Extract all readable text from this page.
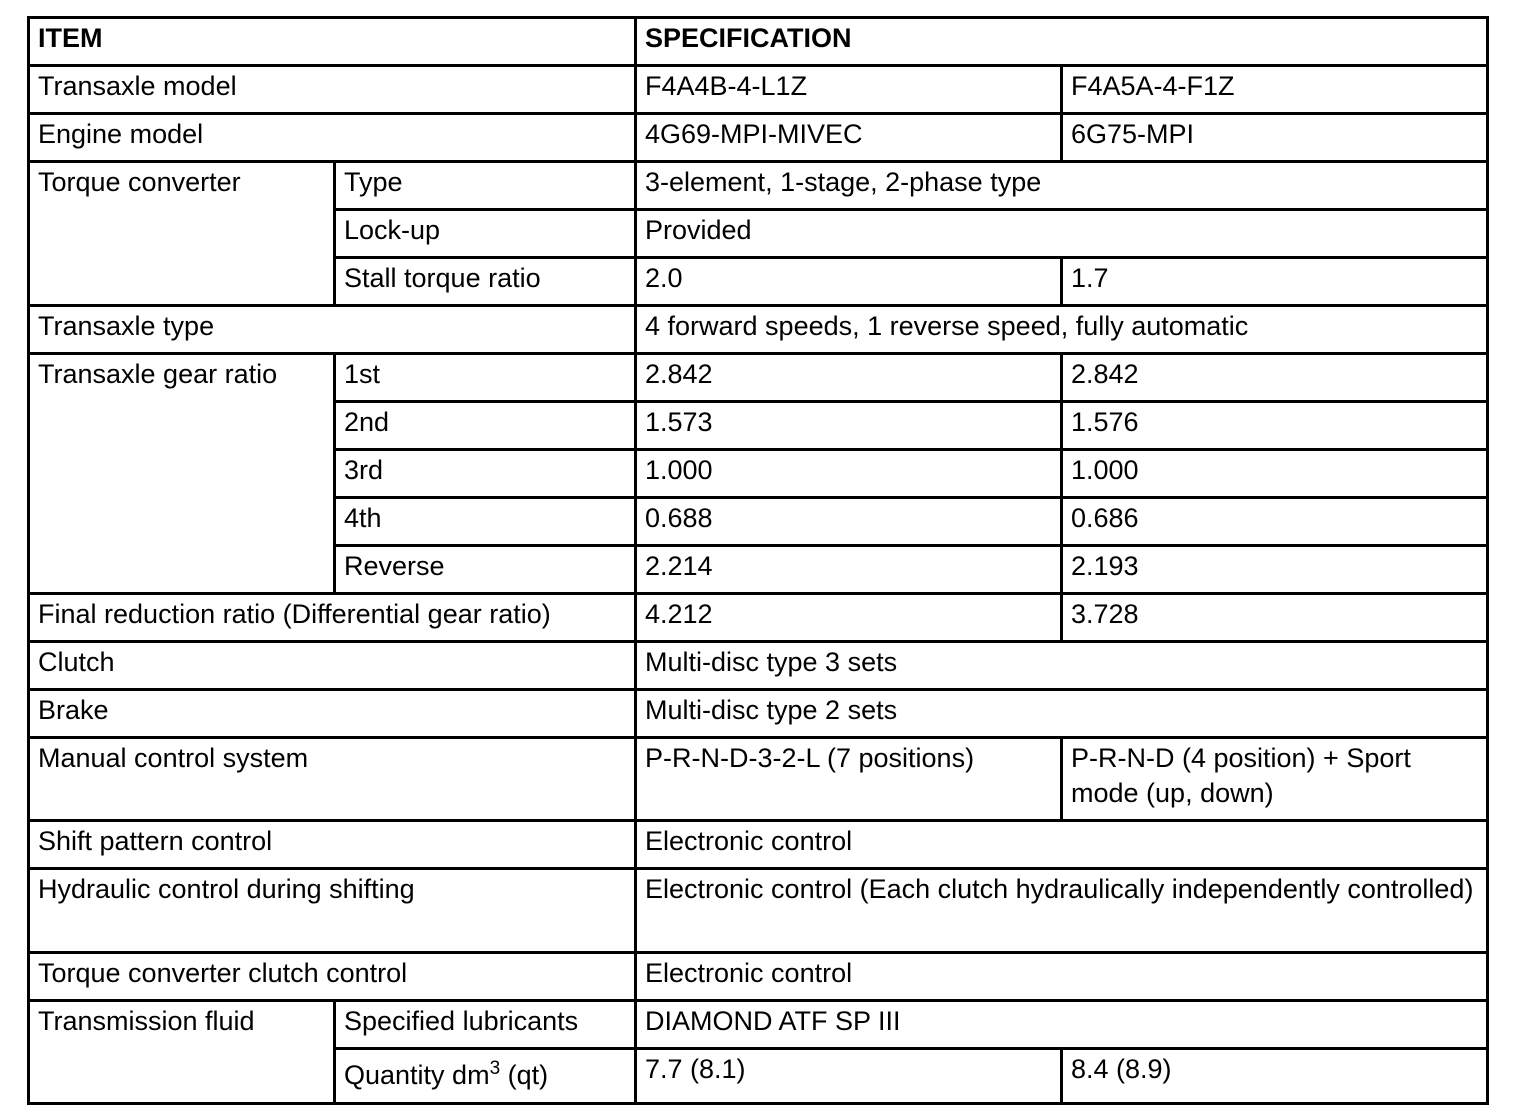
ITEM		SPECIFICATION	
Transaxle model		F4A4B-4-L1Z	F4A5A-4-F1Z
Engine model		4G69-MPI-MIVEC	6G75-MPI
Torque converter	Type	3-element, 1-stage, 2-phase type	
	Lock-up	Provided	
	Stall torque ratio	2.0	1.7
Transaxle type		4 forward speeds, 1 reverse speed, fully automatic	
Transaxle gear ratio	1st	2.842	2.842
	2nd	1.573	1.576
	3rd	1.000	1.000
	4th	0.688	0.686
	Reverse	2.214	2.193
Final reduction ratio (Differential gear ratio)		4.212	3.728
Clutch		Multi-disc type 3 sets	
Brake		Multi-disc type 2 sets	
Manual control system		P-R-N-D-3-2-L (7 positions)	P-R-N-D (4 position) + Sport mode (up, down)
Shift pattern control		Electronic control	
Hydraulic control during shifting		Electronic control (Each clutch hydraulically independently controlled)	
Torque converter clutch control		Electronic control	
Transmission fluid	Specified lubricants	DIAMOND ATF SP III	
	Quantity $dm^3$ (qt)	7.7 (8.1)	8.4 (8.9)
